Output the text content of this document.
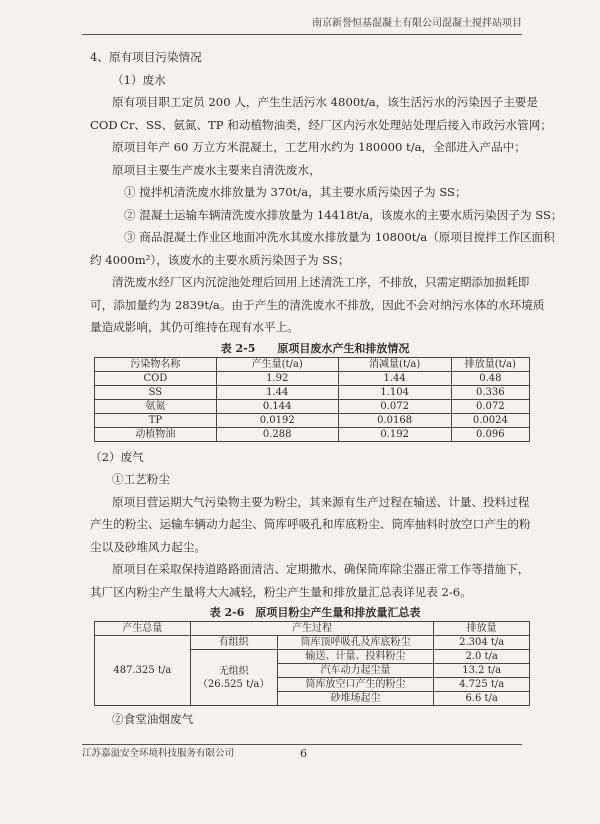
南京新誉恒基混凝土有限公司混凝土搅拌站项目

4、原有项目污染情况

（1）废水

原有项目职工定员 200 人，产生生活污水 4800t/a，该生活污水的污染因子主要是

COD Cr、SS、氨氮、TP 和动植物油类，经厂区内污水处理站处理后接入市政污水管网；

原项目年产 60 万立方米混凝土，工艺用水约为 180000 t/a，全部进入产品中；

原项目主要生产废水主要来自清洗废水，

① 搅拌机清洗废水排放量为 370t/a，其主要水质污染因子为 SS；

② 混凝土运输车辆清洗废水排放量为 14418t/a，该废水的主要水质污染因子为 SS；

③ 商品混凝土作业区地面冲洗水其废水排放量为 10800t/a（原项目搅拌工作区面积

约 4000m²），该废水的主要水质污染因子为 SS；

清洗废水经厂区内沉淀池处理后回用上述清洗工序，不排放，只需定期添加损耗即

可，添加量约为 2839t/a。由于产生的清洗废水不排放，因此不会对纳污水体的水环境质

量造成影响，其仍可维持在现有水平上。

表 2-5　　原项目废水产生和排放情况

污染物名称	产生量(t/a)	消减量(t/a)	排放量(t/a)
COD	1.92	1.44	0.48
SS	1.44	1.104	0.336
氨氮	0.144	0.072	0.072
TP	0.0192	0.0168	0.0024
动植物油	0.288	0.192	0.096

（2）废气

①工艺粉尘

原项目营运期大气污染物主要为粉尘，其来源有生产过程在输送、计量、投料过程

产生的粉尘、运输车辆动力起尘、筒库呼吸孔和库底粉尘、筒库抽料时放空口产生的粉

尘以及砂堆风力起尘。

原项目在采取保持道路路面清洁、定期撒水、确保筒库除尘器正常工作等措施下，

其厂区内粉尘产生量将大大减轻，粉尘产生量和排放量汇总表详见表 2-6。

表 2-6　原项目粉尘产生量和排放量汇总表

产生总量	产生过程		排放量
487.325 t/a	有组织	筒库顶呼吸孔及库底粉尘	2.304 t/a

	无组织
（26.525 t/a）	输送、计量、投料粉尘	2.0 t/a
		汽车动力起尘量	13.2 t/a
		筒库放空口产生的粉尘	4.725 t/a
		砂堆场起尘	6.6 t/a

②食堂油烟废气

江苏嘉溢安全环境科技服务有限公司	6
